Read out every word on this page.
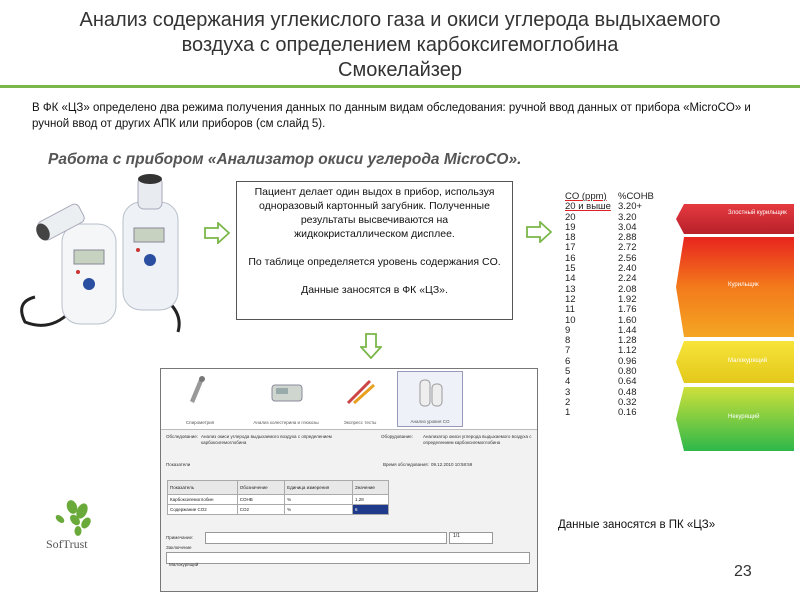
Анализ содержания углекислого газа и окиси углерода выдыхаемого
воздуха с определением карбоксигемоглобина
Смокелайзер
В ФК «ЦЗ» определено два режима получения данных по данным видам обследования: ручной ввод данных от прибора «MicroCO» и ручной ввод от других АПК или приборов (см слайд 5).
Работа с прибором «Анализатор окиси углерода MicroCO».

Пациент делает один выдох в прибор, используя одноразовый картонный загубник. Полученные результаты высвечиваются на жидкокристаллическом дисплее.

По таблице определяется уровень содержания CO.

Данные заносятся в ФК «ЦЗ».

CO (ppm)	%COHB
20 и выше 3.20+
20	3.20
19	3.04
18	2.88
17	2.72
16	2.56
15	2.40
14	2.24
13	2.08
12	1.92
11	1.76
10	1.60
9	1.44
8	1.28
7	1.12
6	0.96
5	0.80
4	0.64
3	0.48
2	0.32
1	0.16
Злостный курильщик
Курильщик
Малокурящий
Некурящий
Спирометрия	Анализ холестерина и глюкозы	Экспресс тесты	Анализ уровня CO
Обследование: Анализ окиси углерода выдыхаемого воздуха с определением карбоксигемоглобина
Оборудование: Анализатор окиси углерода выдыхаемого воздуха с определением карбоксигемоглобина
Показатели	Время обследования: 09.12.2010 10:58:59
Показатель	Обозначение	Единица измерения	Значение
Карбоксигемоглобин	COHB	%	1.28
Содержание CO2	CO2	%	6
Примечание:	1/1
Заключение
Малокурящий
Данные заносятся в ПК «ЦЗ»
SofTrust
23
